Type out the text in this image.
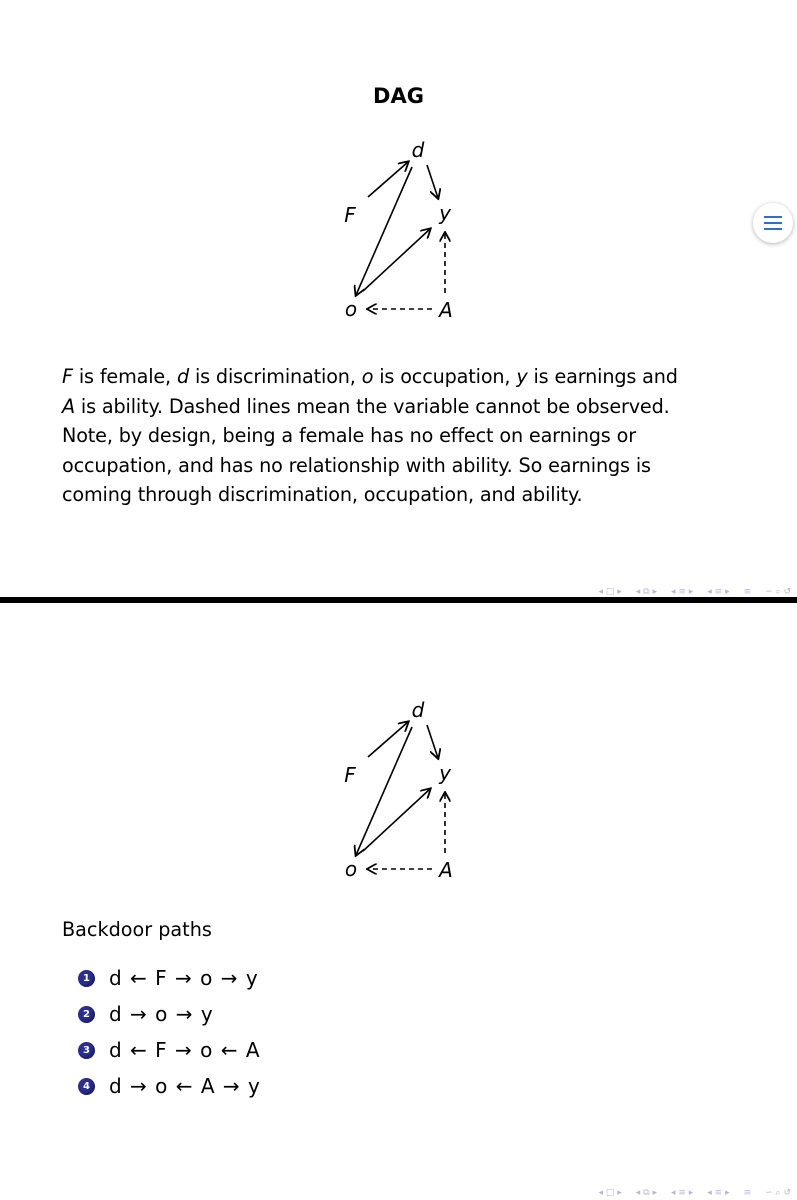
DAG
d
F	y
o	A
F is female, d is discrimination, o is occupation, y is earnings and
A is ability. Dashed lines mean the variable cannot be observed.
Note, by design, being a female has no effect on earnings or
occupation, and has no relationship with ability. So earnings is
coming through discrimination, occupation, and ability.
◂ □ ▸ ◂ ⧉ ▸ ◂ ≡ ▸ ◂ ≡ ▸ ≡ ∽ ⌕ ↺
d
F	y
o	A
◂ □ ▸ ◂ ⧉ ▸ ◂ ≡ ▸ ◂ ≡ ▸ ≡ ∽ ⌕ ↺
Backdoor paths
1 d ← F → o → y
2 d → o → y
3 d ← F → o ← A
4 d → o ← A → y
